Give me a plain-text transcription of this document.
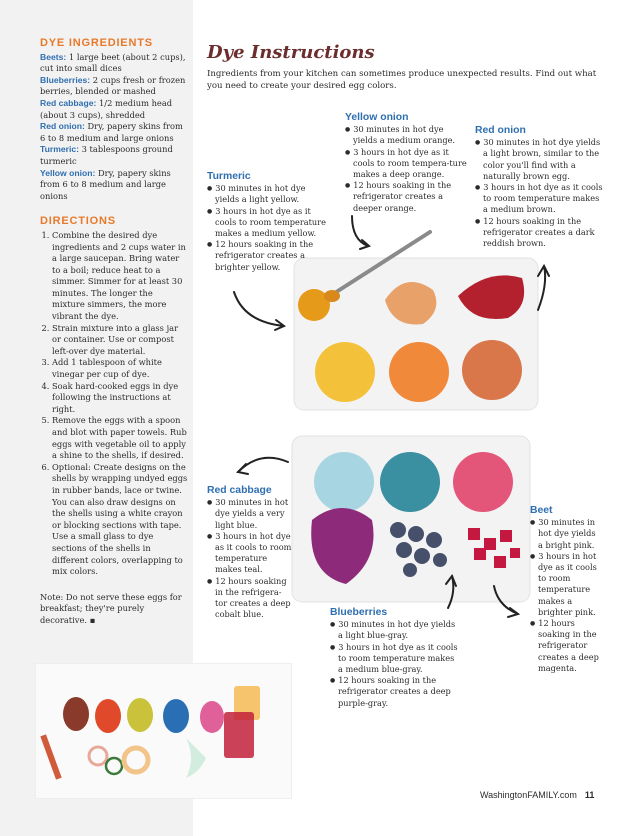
DYE INGREDIENTS

Beets: 1 large beet (about 2 cups), cut into small dices

Blueberries: 2 cups fresh or frozen berries, blended or mashed

Red cabbage: 1/2 medium head (about 3 cups), shredded

Red onion: Dry, papery skins from 6 to 8 medium and large onions

Turmeric: 3 tablespoons ground turmeric

Yellow onion: Dry, papery skins from 6 to 8 medium and large onions

DIRECTIONS
1. Combine the desired dye ingredients and 2 cups water in a large saucepan. Bring water to a boil; reduce heat to a simmer. Simmer for at least 30 minutes. The longer the mixture simmers, the more vibrant the dye.
2. Strain mixture into a glass jar or container. Use or compost left-over dye material.
3. Add 1 tablespoon of white vinegar per cup of dye.
4. Soak hard-cooked eggs in dye following the instructions at right.
5. Remove the eggs with a spoon and blot with paper towels. Rub eggs with vegetable oil to apply a shine to the shells, if desired.
6. Optional: Create designs on the shells by wrapping undyed eggs in rubber bands, lace or twine. You can also draw designs on the shells using a white crayon or blocking sections with tape. Use a small glass to dye sections of the shells in different colors, overlapping to mix colors.
Note: Do not serve these eggs for breakfast; they're purely decorative. ▪
Dye Instructions
Ingredients from your kitchen can sometimes produce unexpected results. Find out what you need to create your desired egg colors.
Yellow onion
● 30 minutes in hot dye yields a medium orange.
● 3 hours in hot dye as it cools to room tempera-ture makes a deep orange.
● 12 hours soaking in the refrigerator creates a deeper orange.
Red onion
● 30 minutes in hot dye yields a light brown, similar to the color you'll find with a naturally brown egg.
● 3 hours in hot dye as it cools to room temperature makes a medium brown.
● 12 hours soaking in the refrigerator creates a dark reddish brown.
Turmeric
● 30 minutes in hot dye yields a light yellow.
● 3 hours in hot dye as it cools to room temperature makes a medium yellow.
● 12 hours soaking in the refrigerator creates a brighter yellow.
Red cabbage
● 30 minutes in hot dye yields a very light blue.
● 3 hours in hot dye as it cools to room temperature makes teal.
● 12 hours soaking in the refrigera-tor creates a deep cobalt blue.	Blueberries
● 30 minutes in hot dye yields a light blue-gray.
● 3 hours in hot dye as it cools to room temperature makes a medium blue-gray.
● 12 hours soaking in the refrigerator creates a deep purple-gray.
Beet
● 30 minutes in hot dye yields a bright pink.
● 3 hours in hot dye as it cools to room temperature makes a brighter pink.
● 12 hours soaking in the refrigerator creates a deep magenta.
WashingtonFAMILY.com 11
